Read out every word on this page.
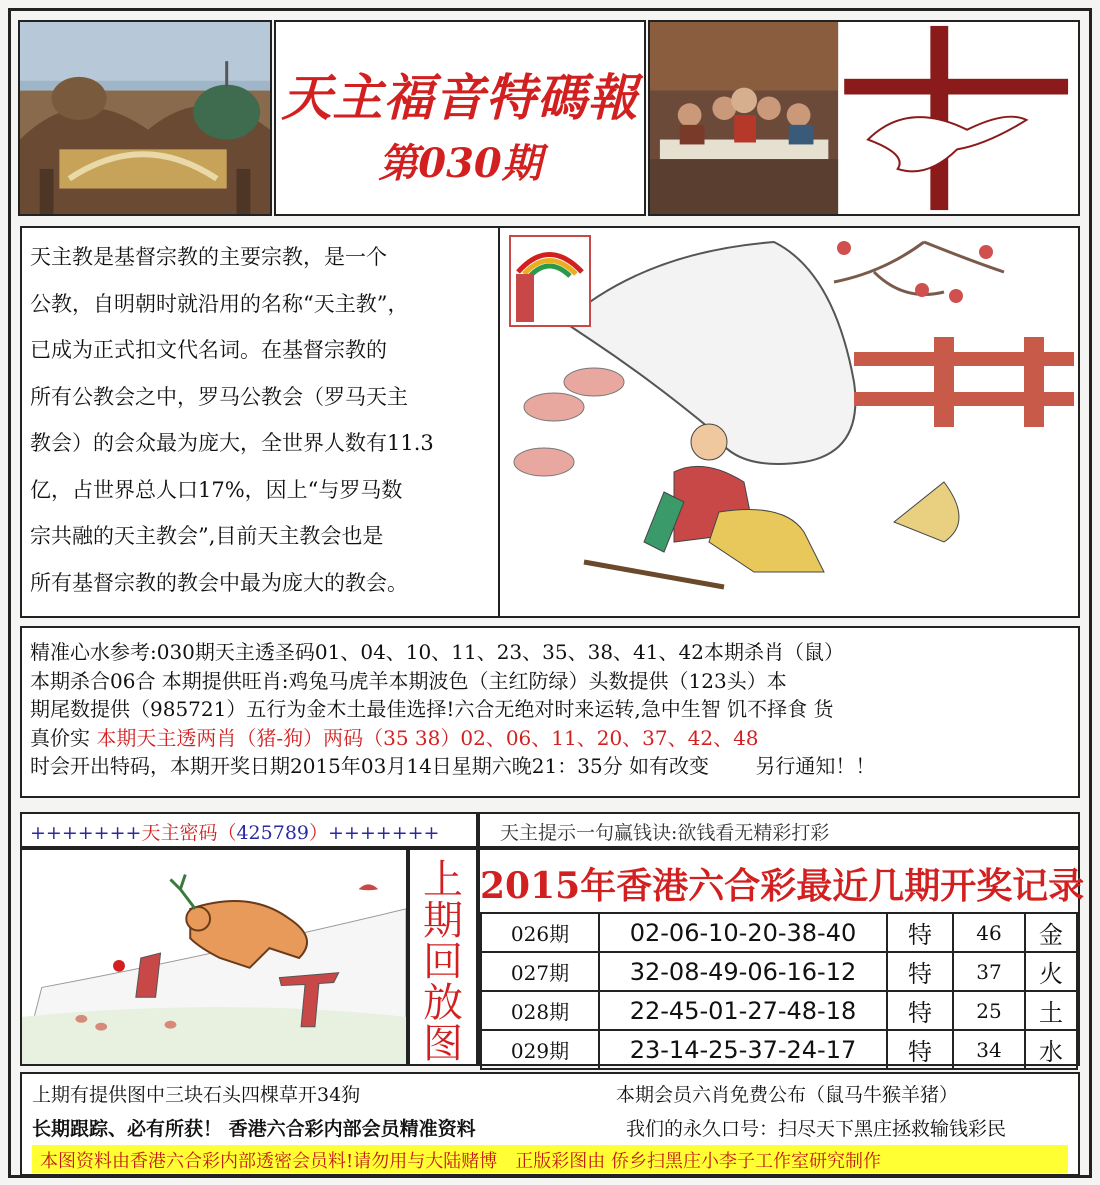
天主福音特碼報
第030期
天主教是基督宗教的主要宗教，是一个
公教，自明朝时就沿用的名称“天主教”，
已成为正式扣文代名词。在基督宗教的
所有公教会之中，罗马公教会（罗马天主
教会）的会众最为庞大，全世界人数有11.3
亿，占世界总人口17%，因上“与罗马数
宗共融的天主教会”,目前天主教会也是
所有基督宗教的教会中最为庞大的教会。
精准心水参考:030期天主透圣码01、04、10、11、23、35、38、41、42本期杀肖（鼠）
本期杀合06合 本期提供旺肖:鸡兔马虎羊本期波色（主红防绿）头数提供（123头）本
期尾数提供（985721）五行为金木土最佳选择!六合无绝对时来运转,急中生智 饥不择食 货
真价实 本期天主透两肖（猪-狗）两码（35 38）02、06、11、20、37、42、48
时会开出特码，本期开奖日期2015年03月14日星期六晚21：35分 如有改变　　 另行通知！！
+++++++天主密码（425789）+++++++	天主提示一句赢钱诀:欲钱看无精彩打彩
上
期
回
放
图
2015年香港六合彩最近几期开奖记录
026期	02-06-10-20-38-40	特	46	金
027期	32-08-49-06-16-12	特	37	火
028期	22-45-01-27-48-18	特	25	土
029期	23-14-25-37-24-17	特	34	水
上期有提供图中三块石头四棵草开34狗	本期会员六肖免费公布（鼠马牛猴羊猪）
长期跟踪、必有所获！ 香港六合彩内部会员精准资料	我们的永久口号：扫尽天下黑庄拯救输钱彩民
本图资料由香港六合彩内部透密会员料!请勿用与大陆赌博　正版彩图由 侨乡扫黑庄小李子工作室研究制作
